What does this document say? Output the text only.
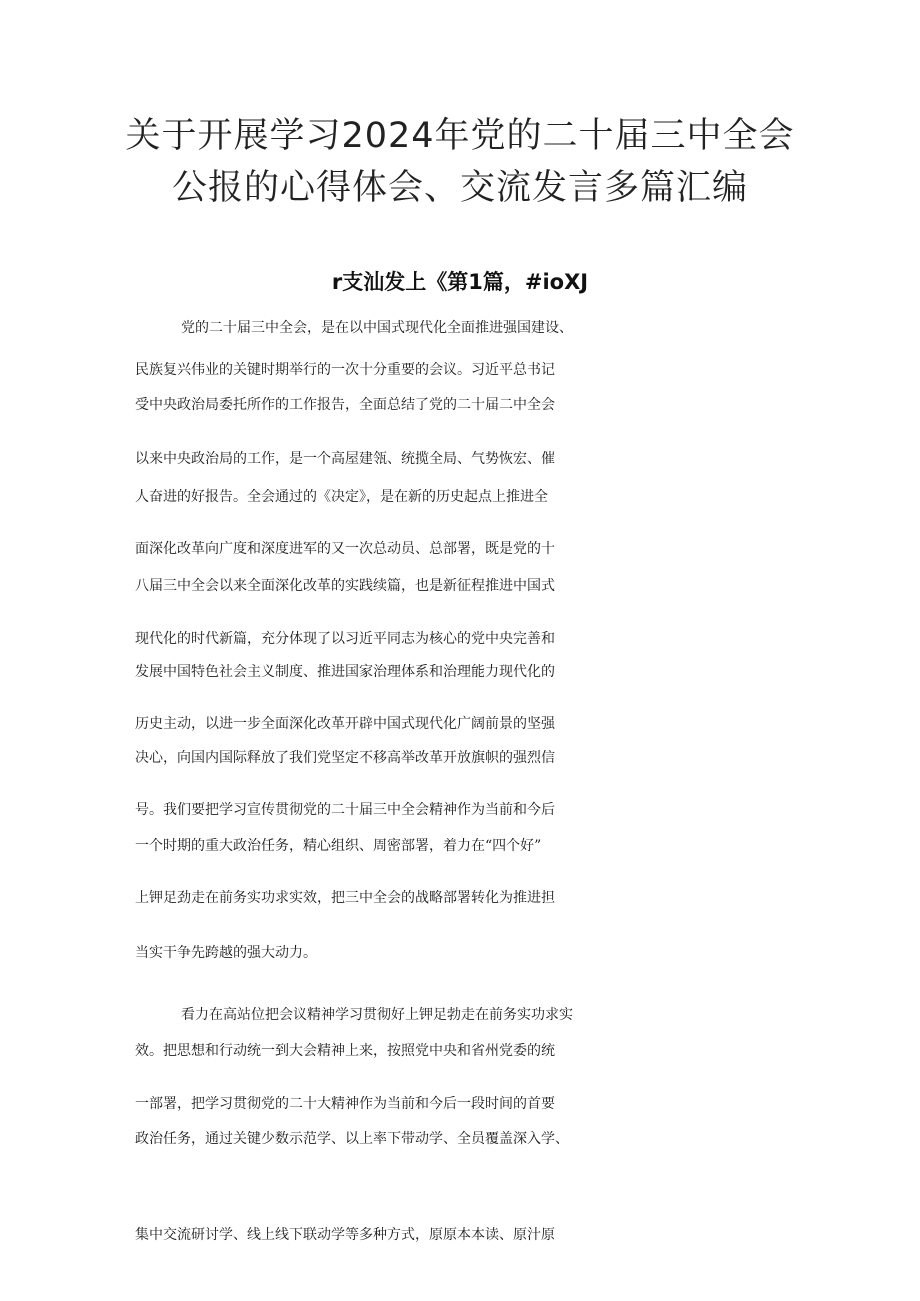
关于开展学习2024年党的二十届三中全会
公报的心得体会、交流发言多篇汇编
r支汕发上《第1篇，#ioXJ
党的二十届三中全会，是在以中国式现代化全面推进强国建设、
民族复兴伟业的关键时期举行的一次十分重要的会议。习近平总书记
受中央政治局委托所作的工作报告，全面总结了党的二十届二中全会
以来中央政治局的工作，是一个高屋建瓴、统揽全局、气势恢宏、催
人奋进的好报告。全会通过的《决定》，是在新的历史起点上推进全
面深化改革向广度和深度进军的又一次总动员、总部署，既是党的十
八届三中全会以来全面深化改革的实践续篇，也是新征程推进中国式
现代化的时代新篇，充分体现了以习近平同志为核心的党中央完善和
发展中国特色社会主义制度、推进国家治理体系和治理能力现代化的
历史主动，以进一步全面深化改革开辟中国式现代化广阔前景的坚强
决心，向国内国际释放了我们党坚定不移高举改革开放旗帜的强烈信
号。我们要把学习宣传贯彻党的二十届三中全会精神作为当前和今后
一个时期的重大政治任务，精心组织、周密部署，着力在“四个好”
上钾足劲走在前务实功求实效，把三中全会的战略部署转化为推进担
当实干争先跨越的强大动力。
看力在高站位把会议精神学习贯彻好上钾足勃走在前务实功求实
效。把思想和行动统一到大会精神上来，按照党中央和省州党委的统
一部署，把学习贯彻党的二十大精神作为当前和今后一段时间的首要
政治任务，通过关键少数示范学、以上率下带动学、全员覆盖深入学、
集中交流研讨学、线上线下联动学等多种方式，原原本本读、原汁原
